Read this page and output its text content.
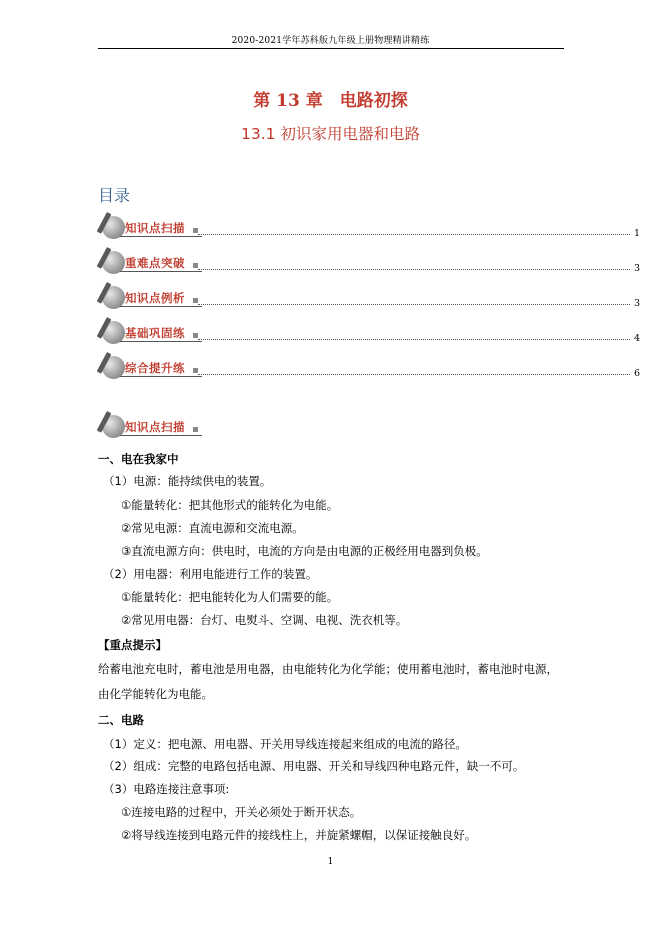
2020-2021学年苏科版九年级上册物理精讲精练
第 13 章　电路初探
13.1 初识家用电器和电路
目录
知识点扫描	1
重难点突破	3
知识点例析	3
基础巩固练	4
综合提升练	6
知识点扫描
一、电在我家中
（1）电源：能持续供电的装置。
①能量转化：把其他形式的能转化为电能。
②常见电源：直流电源和交流电源。
③直流电源方向：供电时，电流的方向是由电源的正极经用电器到负极。
（2）用电器：利用电能进行工作的装置。
①能量转化：把电能转化为人们需要的能。
②常见用电器：台灯、电熨斗、空调、电视、洗衣机等。
【重点提示】
给蓄电池充电时，蓄电池是用电器，由电能转化为化学能；使用蓄电池时，蓄电池时电源，
由化学能转化为电能。
二、电路
（1）定义：把电源、用电器、开关用导线连接起来组成的电流的路径。
（2）组成：完整的电路包括电源、用电器、开关和导线四种电路元件，缺一不可。
（3）电路连接注意事项:
①连接电路的过程中，开关必须处于断开状态。
②将导线连接到电路元件的接线柱上，并旋紧螺帽，以保证接触良好。
1
